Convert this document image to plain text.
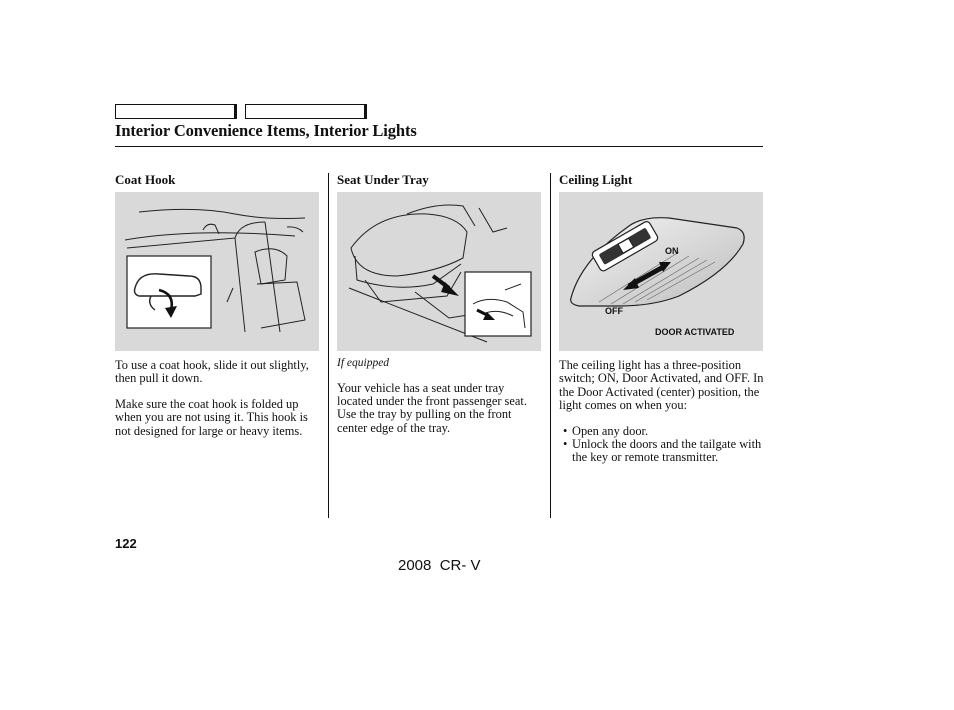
Interior Convenience Items, Interior Lights
Coat Hook

To use a coat hook, slide it out slightly, then pull it down.

Make sure the coat hook is folded up when you are not using it. This hook is not designed for large or heavy items.

Seat Under Tray

If equipped

Your vehicle has a seat under tray located under the front passenger seat. Use the tray by pulling on the front center edge of the tray.

Ceiling Light
ON
OFF
DOOR ACTIVATED

The ceiling light has a three-position switch; ON, Door Activated, and OFF. In the Door Activated (center) position, the light comes on when you:

• Open any door.
• Unlock the doors and the tailgate with the key or remote transmitter.
122
2008  CR- V
